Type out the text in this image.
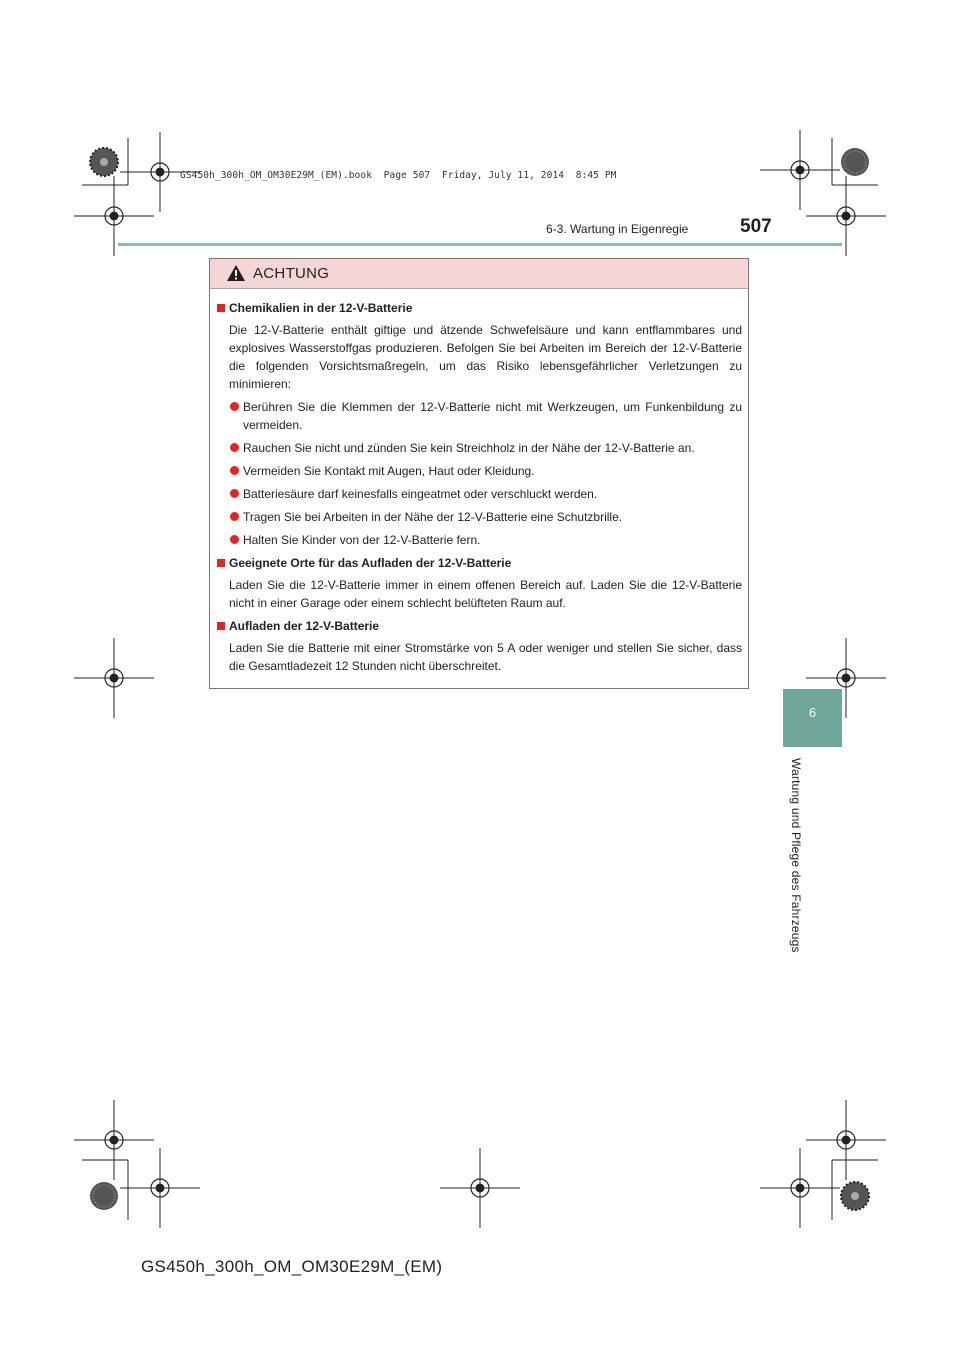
GS450h_300h_OM_OM30E29M_(EM).book  Page 507  Friday, July 11, 2014  8:45 PM
6-3. Wartung in Eigenregie	507
6
Wartung und Pflege des Fahrzeugs
ACHTUNG
Chemikalien in der 12-V-Batterie
Die 12-V-Batterie enthält giftige und ätzende Schwefelsäure und kann entflammbares und explosives Wasserstoffgas produzieren. Befolgen Sie bei Arbeiten im Bereich der 12-V-Batterie die folgenden Vorsichtsmaßregeln, um das Risiko lebensgefährlicher Verletzungen zu minimieren:
Berühren Sie die Klemmen der 12-V-Batterie nicht mit Werkzeugen, um Funkenbildung zu vermeiden.
Rauchen Sie nicht und zünden Sie kein Streichholz in der Nähe der 12-V-Batterie an.
Vermeiden Sie Kontakt mit Augen, Haut oder Kleidung.
Batteriesäure darf keinesfalls eingeatmet oder verschluckt werden.
Tragen Sie bei Arbeiten in der Nähe der 12-V-Batterie eine Schutzbrille.
Halten Sie Kinder von der 12-V-Batterie fern.
Geeignete Orte für das Aufladen der 12-V-Batterie
Laden Sie die 12-V-Batterie immer in einem offenen Bereich auf. Laden Sie die 12-V-Batterie nicht in einer Garage oder einem schlecht belüfteten Raum auf.
Aufladen der 12-V-Batterie
Laden Sie die Batterie mit einer Stromstärke von 5 A oder weniger und stellen Sie sicher, dass die Gesamtladezeit 12 Stunden nicht überschreitet.
GS450h_300h_OM_OM30E29M_(EM)
